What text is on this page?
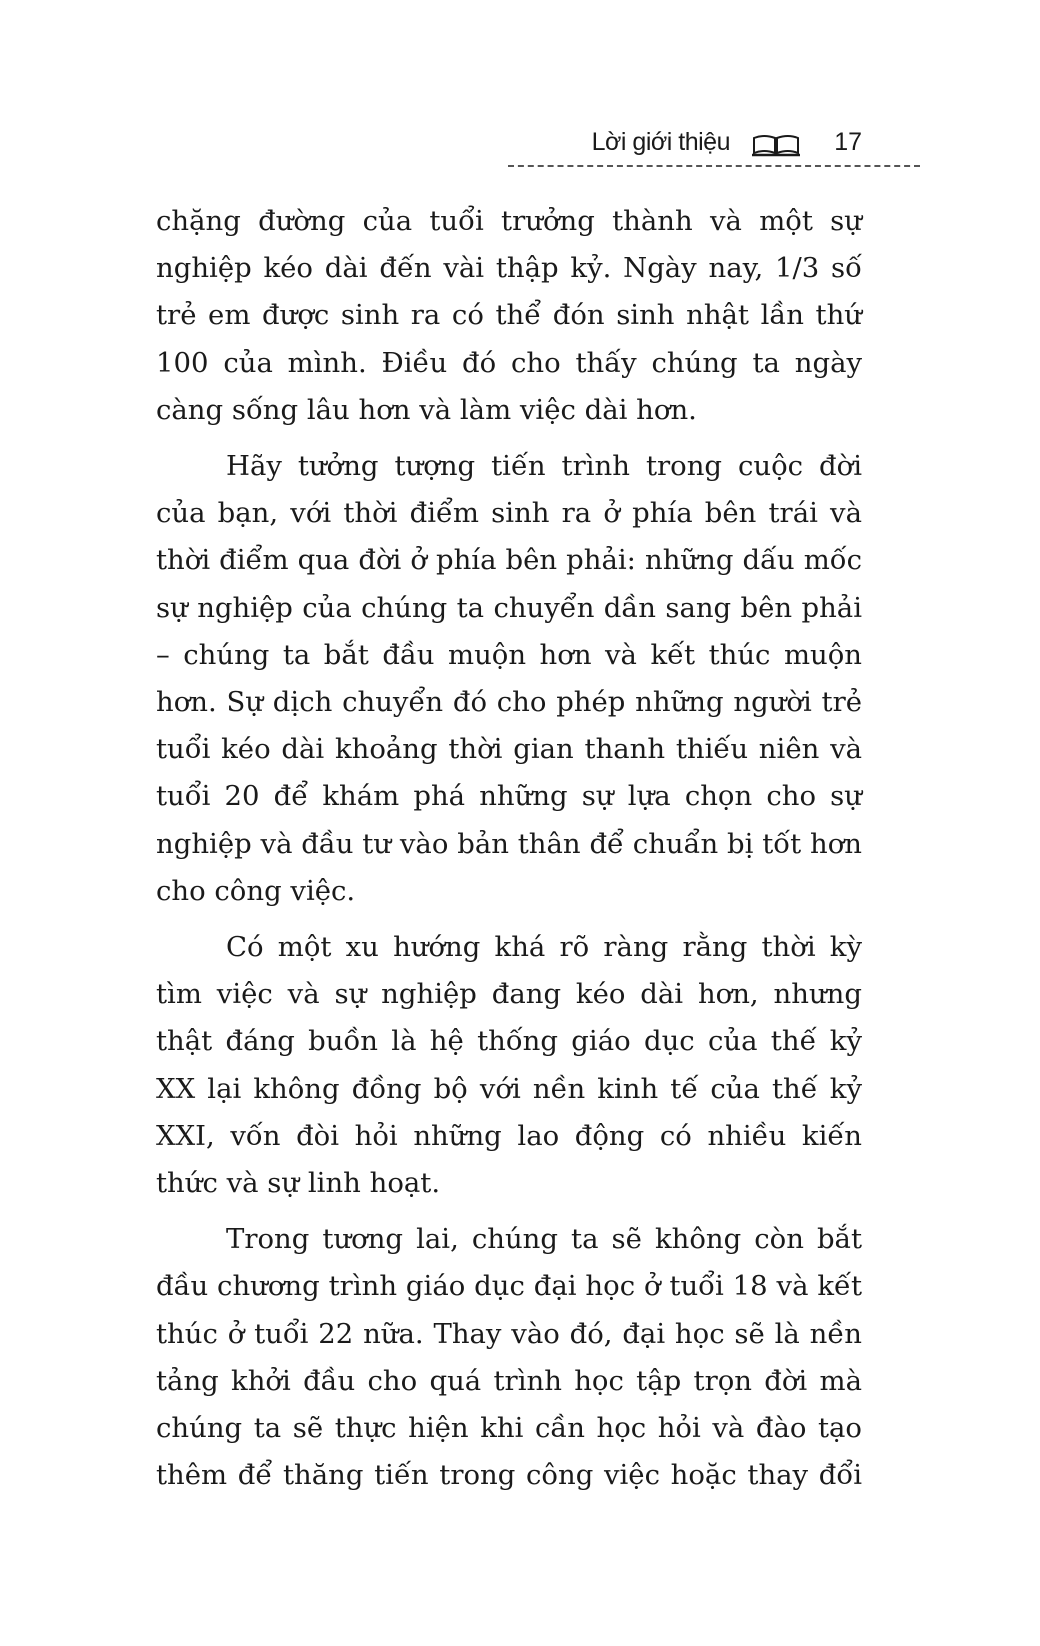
Lời giới thiệu	17

chặng đường của tuổi trưởng thành và một sự nghiệp kéo dài đến vài thập kỷ. Ngày nay, 1/3 số trẻ em được sinh ra có thể đón sinh nhật lần thứ 100 của mình. Điều đó cho thấy chúng ta ngày càng sống lâu hơn và làm việc dài hơn.

Hãy tưởng tượng tiến trình trong cuộc đời của bạn, với thời điểm sinh ra ở phía bên trái và thời điểm qua đời ở phía bên phải: những dấu mốc sự nghiệp của chúng ta chuyển dần sang bên phải – chúng ta bắt đầu muộn hơn và kết thúc muộn hơn. Sự dịch chuyển đó cho phép những người trẻ tuổi kéo dài khoảng thời gian thanh thiếu niên và tuổi 20 để khám phá những sự lựa chọn cho sự nghiệp và đầu tư vào bản thân để chuẩn bị tốt hơn cho công việc.

Có một xu hướng khá rõ ràng rằng thời kỳ tìm việc và sự nghiệp đang kéo dài hơn, nhưng thật đáng buồn là hệ thống giáo dục của thế kỷ XX lại không đồng bộ với nền kinh tế của thế kỷ XXI, vốn đòi hỏi những lao động có nhiều kiến thức và sự linh hoạt.

Trong tương lai, chúng ta sẽ không còn bắt đầu chương trình giáo dục đại học ở tuổi 18 và kết thúc ở tuổi 22 nữa. Thay vào đó, đại học sẽ là nền tảng khởi đầu cho quá trình học tập trọn đời mà chúng ta sẽ thực hiện khi cần học hỏi và đào tạo thêm để thăng tiến trong công việc hoặc thay đổi
